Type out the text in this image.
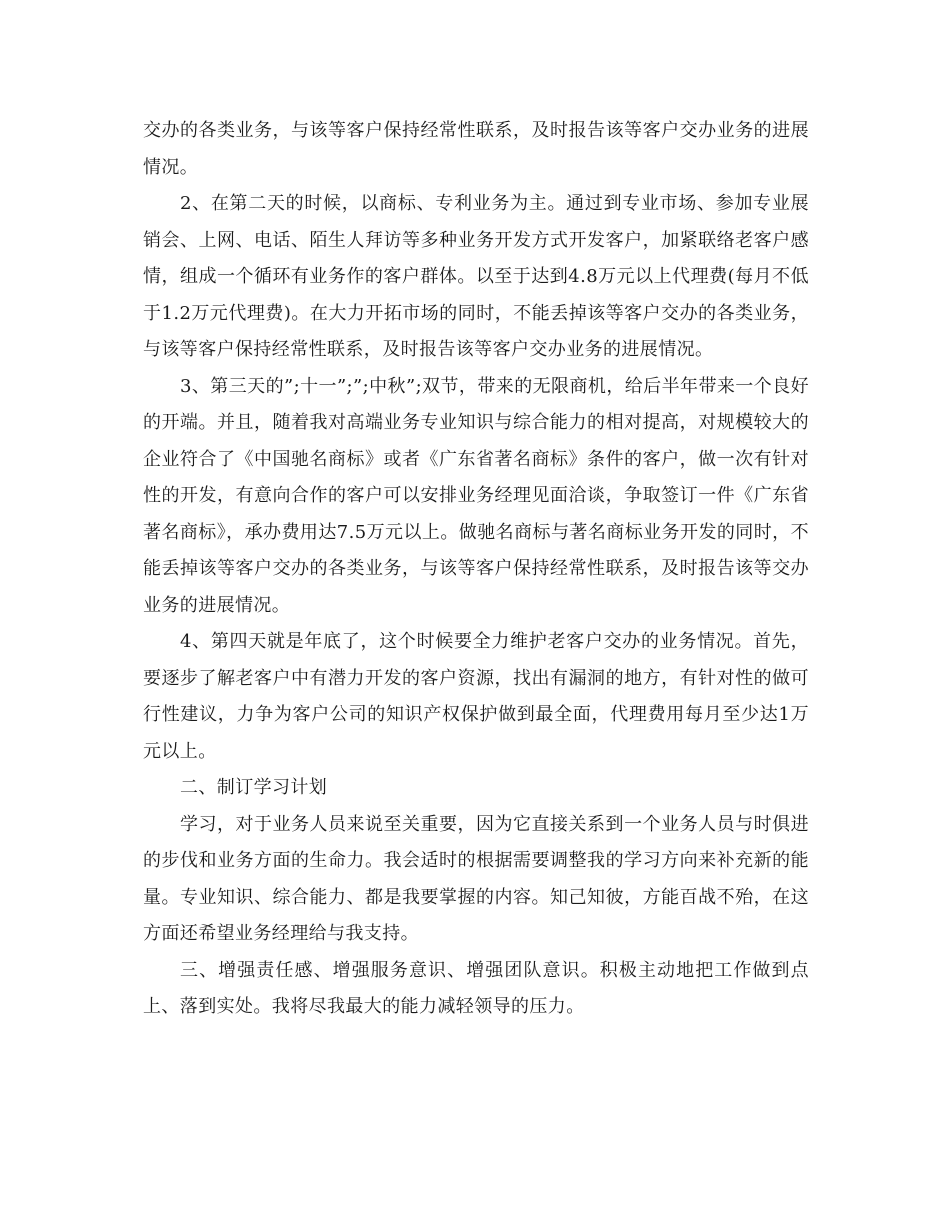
交办的各类业务，与该等客户保持经常性联系，及时报告该等客户交办业务的进展情况。

2、在第二天的时候，以商标、专利业务为主。通过到专业市场、参加专业展销会、上网、电话、陌生人拜访等多种业务开发方式开发客户，加紧联络老客户感情，组成一个循环有业务作的客户群体。以至于达到4.8万元以上代理费(每月不低于1.2万元代理费)。在大力开拓市场的同时，不能丢掉该等客户交办的各类业务，与该等客户保持经常性联系，及时报告该等客户交办业务的进展情况。

3、第三天的”;十一”;”;中秋”;双节，带来的无限商机，给后半年带来一个良好的开端。并且，随着我对高端业务专业知识与综合能力的相对提高，对规模较大的企业符合了《中国驰名商标》或者《广东省著名商标》条件的客户，做一次有针对性的开发，有意向合作的客户可以安排业务经理见面洽谈，争取签订一件《广东省著名商标》，承办费用达7.5万元以上。做驰名商标与著名商标业务开发的同时，不能丢掉该等客户交办的各类业务，与该等客户保持经常性联系，及时报告该等交办业务的进展情况。

4、第四天就是年底了，这个时候要全力维护老客户交办的业务情况。首先，要逐步了解老客户中有潜力开发的客户资源，找出有漏洞的地方，有针对性的做可行性建议，力争为客户公司的知识产权保护做到最全面，代理费用每月至少达1万元以上。

二、制订学习计划

学习，对于业务人员来说至关重要，因为它直接关系到一个业务人员与时俱进的步伐和业务方面的生命力。我会适时的根据需要调整我的学习方向来补充新的能量。专业知识、综合能力、都是我要掌握的内容。知己知彼，方能百战不殆，在这方面还希望业务经理给与我支持。

三、增强责任感、增强服务意识、增强团队意识。积极主动地把工作做到点上、落到实处。我将尽我最大的能力减轻领导的压力。
